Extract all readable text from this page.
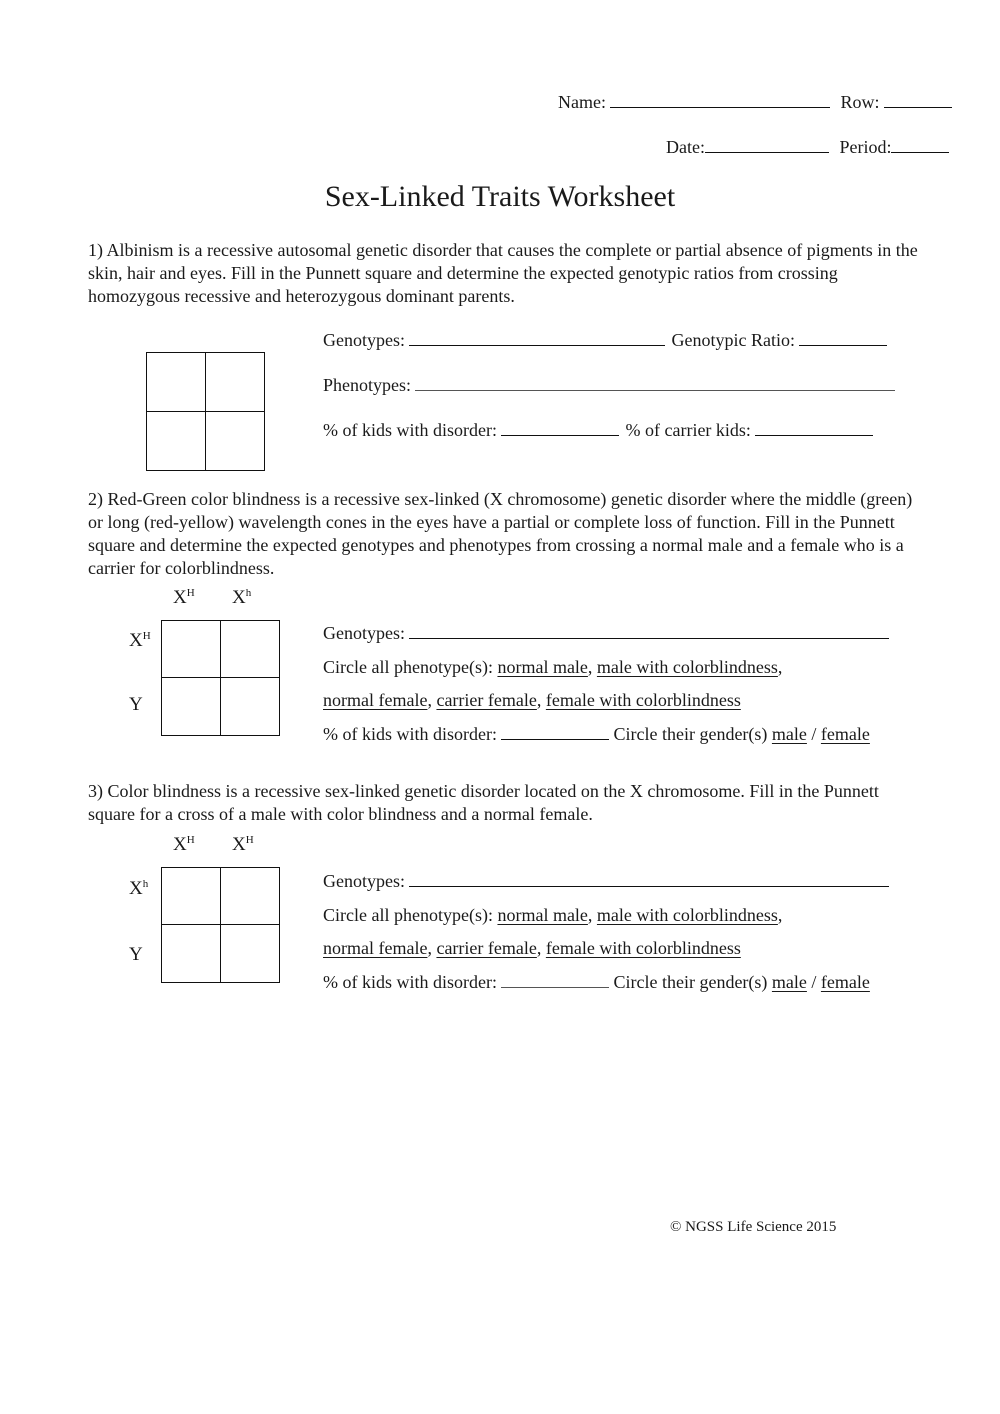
Name:	Row:
Date:	Period:
Sex-Linked Traits Worksheet
1) Albinism is a recessive autosomal genetic disorder that causes the complete or partial absence of pigments in the skin, hair and eyes. Fill in the Punnett square and determine the expected genotypic ratios from crossing homozygous recessive and heterozygous dominant parents.
Genotypes:	Genotypic Ratio:
Phenotypes:
% of kids with disorder:	% of carrier kids:
2) Red-Green color blindness is a recessive sex-linked (X chromosome) genetic disorder where the middle (green) or long (red-yellow) wavelength cones in the eyes have a partial or complete loss of function. Fill in the Punnett square and determine the expected genotypes and phenotypes from crossing a normal male and a female who is a carrier for colorblindness.
$X^H$ $X^h$
$X^H$
Y
Genotypes:
Circle all phenotype(s): normal male, male with colorblindness,
normal female, carrier female, female with colorblindness
% of kids with disorder:	Circle their gender(s) male / female
3) Color blindness is a recessive sex-linked genetic disorder located on the X chromosome. Fill in the Punnett square for a cross of a male with color blindness and a normal female.
$X^H$ $X^H$
$X^h$
Y
Genotypes:
Circle all phenotype(s): normal male, male with colorblindness,
normal female, carrier female, female with colorblindness
% of kids with disorder:	Circle their gender(s) male / female
© NGSS Life Science 2015
